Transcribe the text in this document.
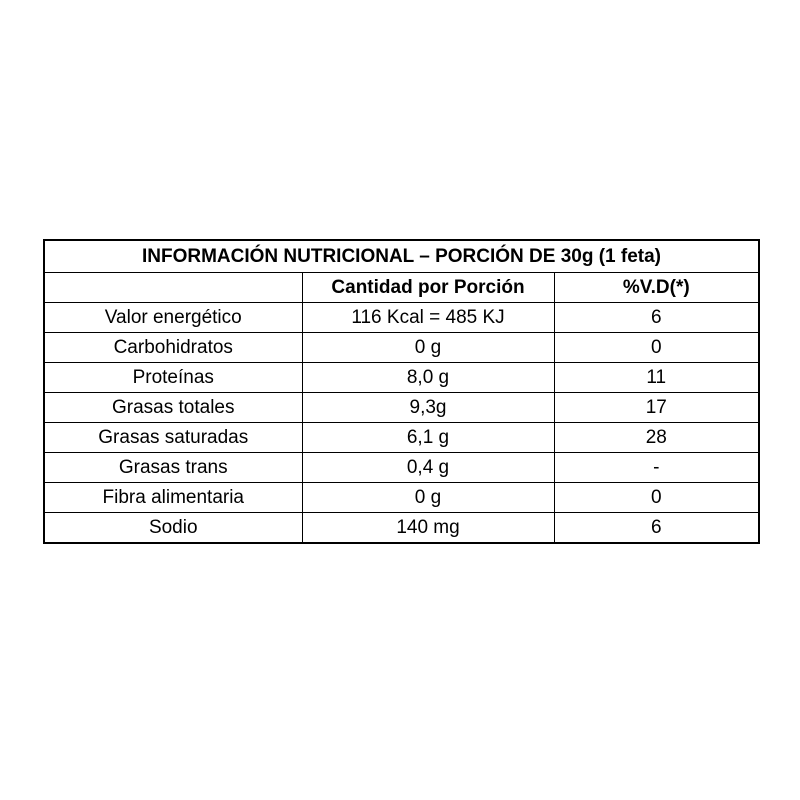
INFORMACIÓN NUTRICIONAL – PORCIÓN DE 30g (1 feta)		
	Cantidad por Porción	%V.D(*)
Valor energético	116 Kcal = 485 KJ	6
Carbohidratos	0 g	0
Proteínas	8,0 g	11
Grasas totales	9,3g	17
Grasas saturadas	6,1 g	28
Grasas trans	0,4 g	-
Fibra alimentaria	0 g	0
Sodio	140 mg	6
